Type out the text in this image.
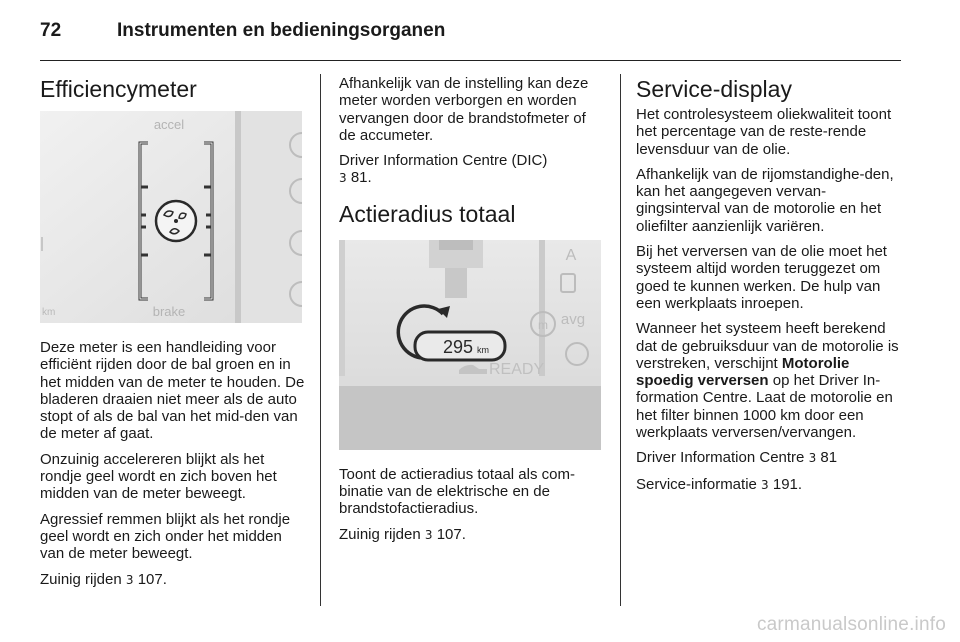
72	Instrumenten en bedieningsorganen
Efficiencymeter
accel
brake
km

Deze meter is een handleiding voor efficiënt rijden door de bal groen en in het midden van de meter te houden. De bladeren draaien niet meer als de auto stopt of als de bal van het mid-den van de meter af gaat.

Onzuinig accelereren blijkt als het rondje geel wordt en zich boven het midden van de meter beweegt.

Agressief remmen blijkt als het rondje geel wordt en zich onder het midden van de meter beweegt.

Zuinig rijden 3 107.

Afhankelijk van de instelling kan deze meter worden verborgen en worden vervangen door de brandstofmeter of de accumeter.

Driver Information Centre (DIC)
3 81.

Actieradius totaal
A
avg
m
295 km
READY

Toont de actieradius totaal als com-binatie van de elektrische en de brandstofactieradius.

Zuinig rijden 3 107.

Service-display

Het controlesysteem oliekwaliteit toont het percentage van de reste-rende levensduur van de olie.

Afhankelijk van de rijomstandighe-den, kan het aangegeven vervan-gingsinterval van de motorolie en het oliefilter aanzienlijk variëren.

Bij het verversen van de olie moet het systeem altijd worden teruggezet om goed te kunnen werken. De hulp van een werkplaats inroepen.

Wanneer het systeem heeft berekend dat de gebruiksduur van de motorolie is verstreken, verschijnt Motorolie spoedig verversen op het Driver In-formation Centre. Laat de motorolie en het filter binnen 1000 km door een werkplaats verversen/vervangen.

Driver Information Centre 3 81

Service-informatie 3 191.

carmanualsonline.info
